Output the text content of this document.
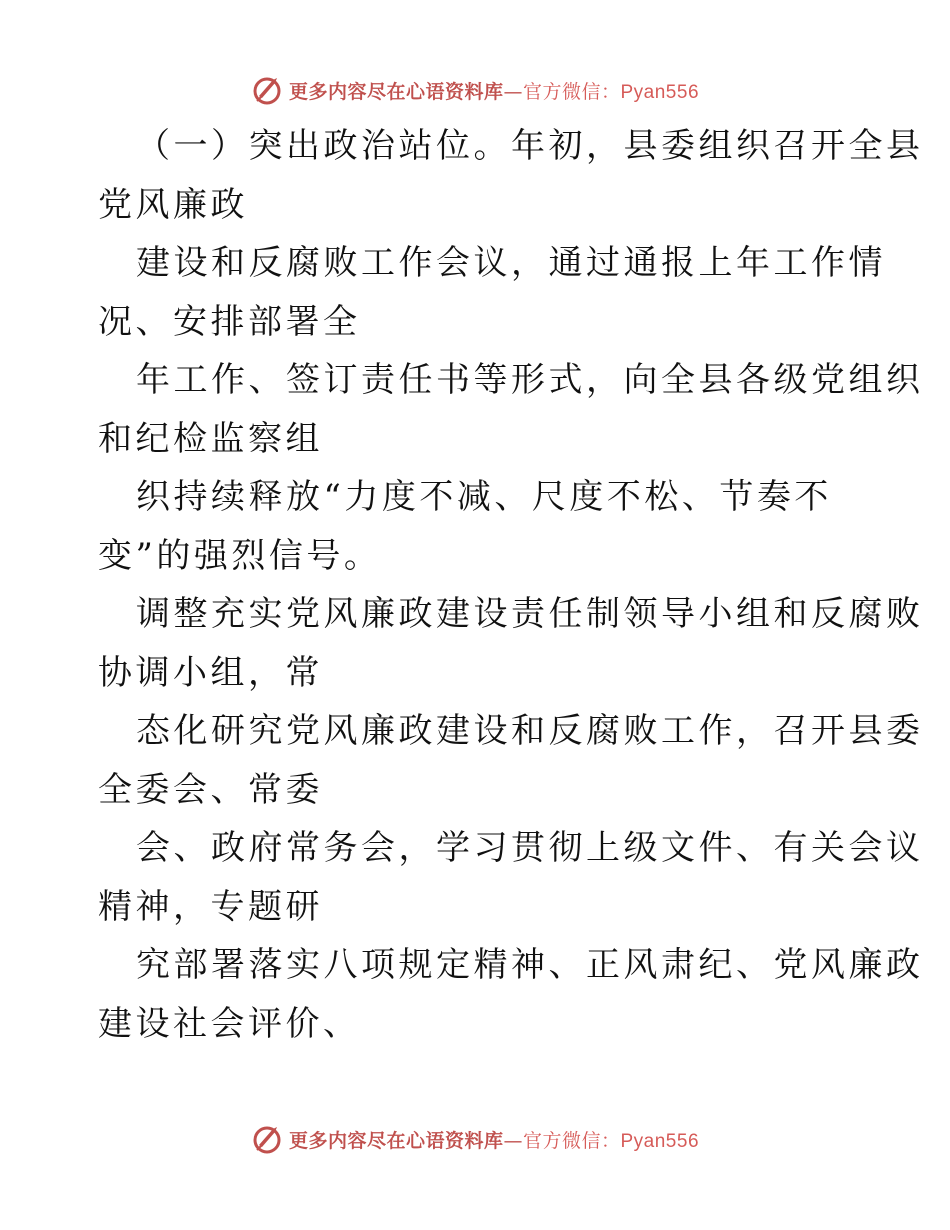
更多内容尽在心语资料库—官方微信：Pyan556
（一）突出政治站位。年初，县委组织召开全县
党风廉政
建设和反腐败工作会议，通过通报上年工作情
况、安排部署全
年工作、签订责任书等形式，向全县各级党组织
和纪检监察组
织持续释放“力度不减、尺度不松、节奏不
变”的强烈信号。
调整充实党风廉政建设责任制领导小组和反腐败
协调小组，常
态化研究党风廉政建设和反腐败工作，召开县委
全委会、常委
会、政府常务会，学习贯彻上级文件、有关会议
精神，专题研
究部署落实八项规定精神、正风肃纪、党风廉政
建设社会评价、
更多内容尽在心语资料库—官方微信：Pyan556
